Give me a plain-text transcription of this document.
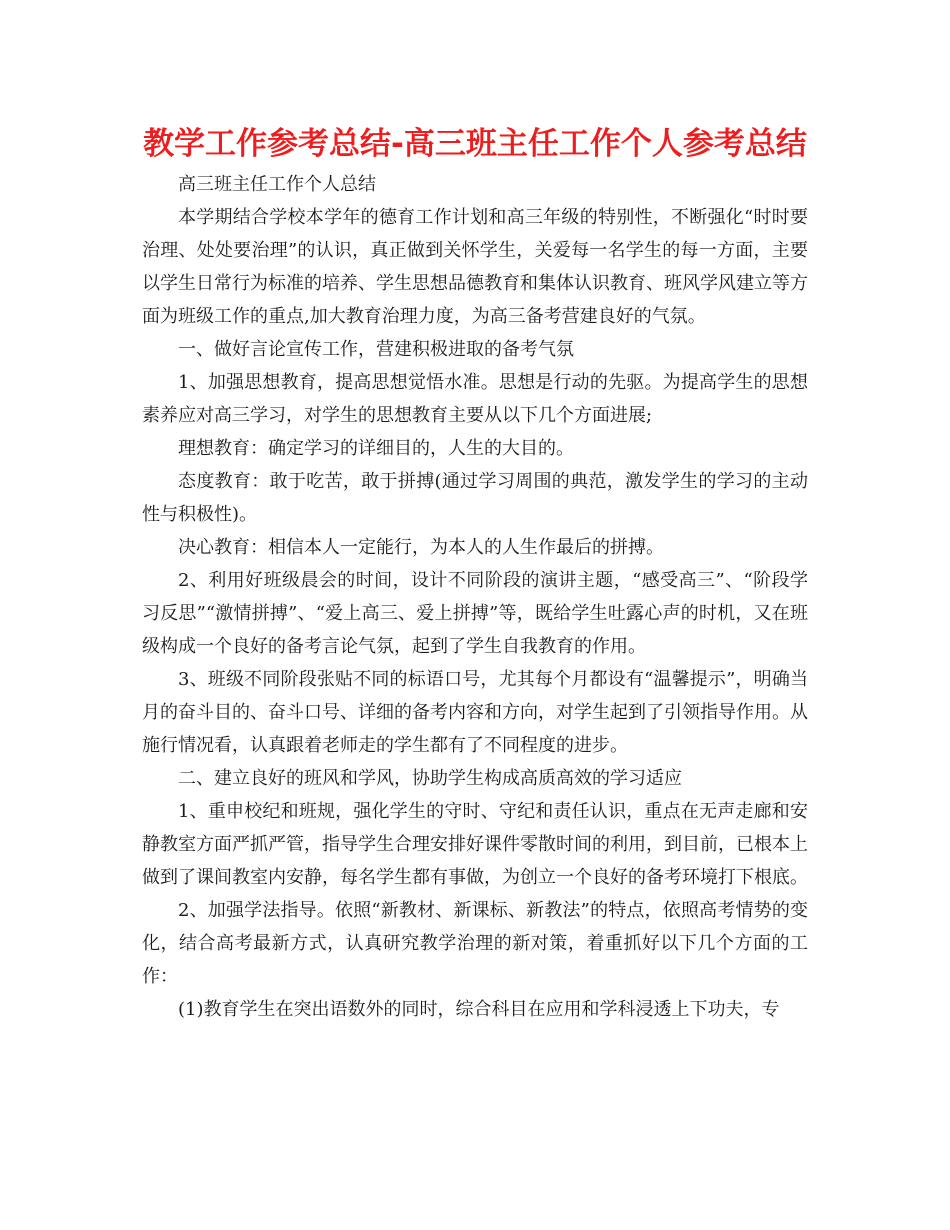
教学工作参考总结-高三班主任工作个人参考总结

高三班主任工作个人总结

本学期结合学校本学年的德育工作计划和高三年级的特别性，不断强化“时时要治理、处处要治理”的认识，真正做到关怀学生，关爱每一名学生的每一方面，主要以学生日常行为标准的培养、学生思想品德教育和集体认识教育、班风学风建立等方面为班级工作的重点,加大教育治理力度，为高三备考营建良好的气氛。

一、做好言论宣传工作，营建积极进取的备考气氛

1、加强思想教育，提高思想觉悟水准。思想是行动的先驱。为提高学生的思想素养应对高三学习，对学生的思想教育主要从以下几个方面进展;

理想教育：确定学习的详细目的，人生的大目的。

态度教育：敢于吃苦，敢于拼搏(通过学习周围的典范，激发学生的学习的主动性与积极性)。

决心教育：相信本人一定能行，为本人的人生作最后的拼搏。

2、利用好班级晨会的时间，设计不同阶段的演讲主题，“感受高三”、“阶段学习反思”“激情拼搏”、“爱上高三、爱上拼搏”等，既给学生吐露心声的时机，又在班级构成一个良好的备考言论气氛，起到了学生自我教育的作用。

3、班级不同阶段张贴不同的标语口号，尤其每个月都设有“温馨提示”，明确当月的奋斗目的、奋斗口号、详细的备考内容和方向，对学生起到了引领指导作用。从施行情况看，认真跟着老师走的学生都有了不同程度的进步。

二、建立良好的班风和学风，协助学生构成高质高效的学习适应

1、重申校纪和班规，强化学生的守时、守纪和责任认识，重点在无声走廊和安静教室方面严抓严管，指导学生合理安排好课件零散时间的利用，到目前，已根本上做到了课间教室内安静，每名学生都有事做，为创立一个良好的备考环境打下根底。

2、加强学法指导。依照“新教材、新课标、新教法”的特点，依照高考情势的变化，结合高考最新方式，认真研究教学治理的新对策，着重抓好以下几个方面的工作：

(1)教育学生在突出语数外的同时，综合科目在应用和学科浸透上下功夫，专
